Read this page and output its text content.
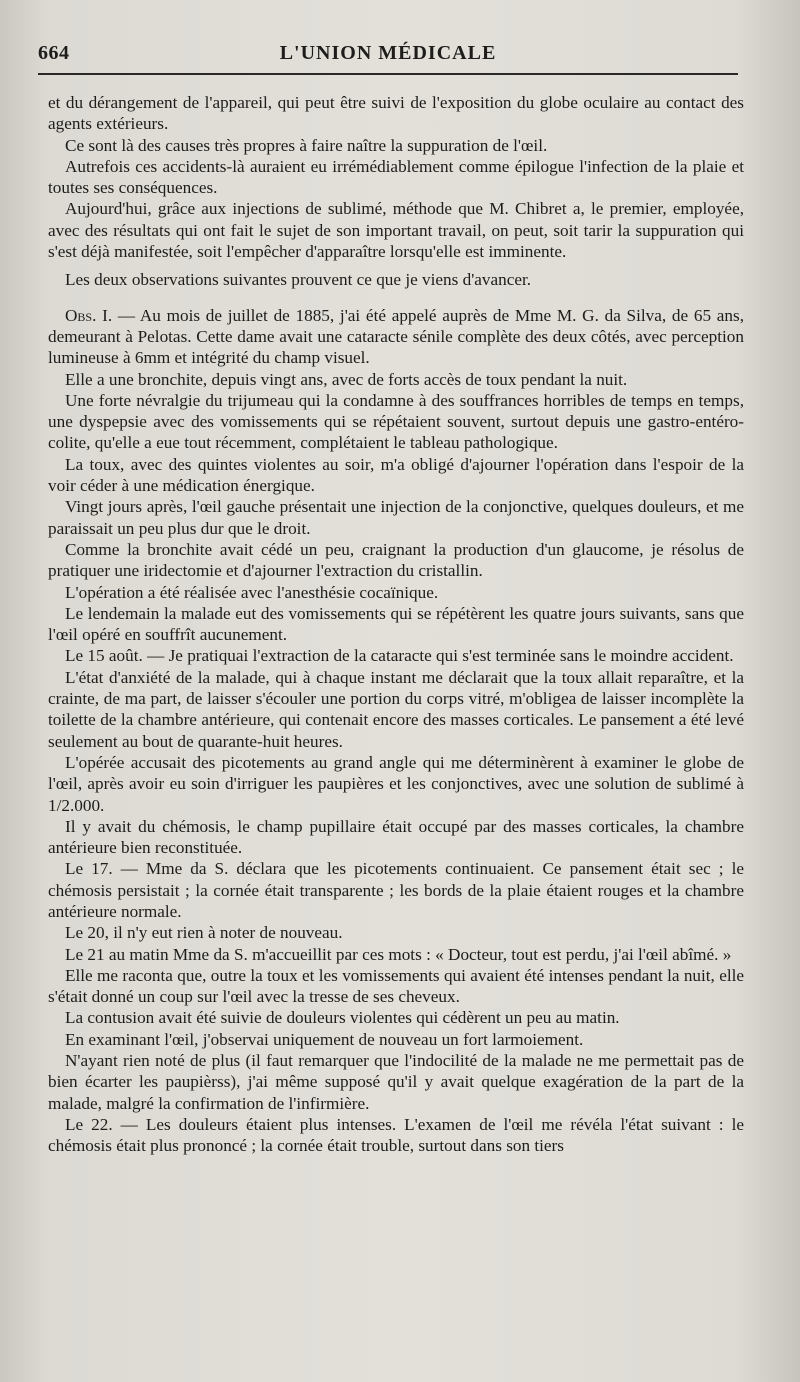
664	L'UNION MÉDICALE

et du dérangement de l'appareil, qui peut être suivi de l'exposition du globe oculaire au contact des agents extérieurs.

Ce sont là des causes très propres à faire naître la suppuration de l'œil.

Autrefois ces accidents-là auraient eu irrémédiablement comme épilogue l'infection de la plaie et toutes ses conséquences.

Aujourd'hui, grâce aux injections de sublimé, méthode que M. Chibret a, le premier, employée, avec des résultats qui ont fait le sujet de son important travail, on peut, soit tarir la suppuration qui s'est déjà manifestée, soit l'empêcher d'apparaître lorsqu'elle est imminente.

Les deux observations suivantes prouvent ce que je viens d'avancer.

Obs. I. — Au mois de juillet de 1885, j'ai été appelé auprès de Mme M. G. da Silva, de 65 ans, demeurant à Pelotas. Cette dame avait une cataracte sénile complète des deux côtés, avec perception lumineuse à 6mm et intégrité du champ visuel.

Elle a une bronchite, depuis vingt ans, avec de forts accès de toux pendant la nuit.

Une forte névralgie du trijumeau qui la condamne à des souffrances horribles de temps en temps, une dyspepsie avec des vomissements qui se répétaient souvent, surtout depuis une gastro-entéro-colite, qu'elle a eue tout récemment, complétaient le tableau pathologique.

La toux, avec des quintes violentes au soir, m'a obligé d'ajourner l'opération dans l'espoir de la voir céder à une médication énergique.

Vingt jours après, l'œil gauche présentait une injection de la conjonctive, quelques douleurs, et me paraissait un peu plus dur que le droit.

Comme la bronchite avait cédé un peu, craignant la production d'un glaucome, je résolus de pratiquer une iridectomie et d'ajourner l'extraction du cristallin.

L'opération a été réalisée avec l'anesthésie cocaïnique.

Le lendemain la malade eut des vomissements qui se répétèrent les quatre jours suivants, sans que l'œil opéré en souffrît aucunement.

Le 15 août. — Je pratiquai l'extraction de la cataracte qui s'est terminée sans le moindre accident.

L'état d'anxiété de la malade, qui à chaque instant me déclarait que la toux allait reparaître, et la crainte, de ma part, de laisser s'écouler une portion du corps vitré, m'obligea de laisser incomplète la toilette de la chambre antérieure, qui contenait encore des masses corticales. Le pansement a été levé seulement au bout de quarante-huit heures.

L'opérée accusait des picotements au grand angle qui me déterminèrent à examiner le globe de l'œil, après avoir eu soin d'irriguer les paupières et les conjonctives, avec une solution de sublimé à 1/2.000.

Il y avait du chémosis, le champ pupillaire était occupé par des masses corticales, la chambre antérieure bien reconstituée.

Le 17. — Mme da S. déclara que les picotements continuaient. Ce pansement était sec ; le chémosis persistait ; la cornée était transparente ; les bords de la plaie étaient rouges et la chambre antérieure normale.

Le 20, il n'y eut rien à noter de nouveau.

Le 21 au matin Mme da S. m'accueillit par ces mots : « Docteur, tout est perdu, j'ai l'œil abîmé. »

Elle me raconta que, outre la toux et les vomissements qui avaient été intenses pendant la nuit, elle s'était donné un coup sur l'œil avec la tresse de ses cheveux.

La contusion avait été suivie de douleurs violentes qui cédèrent un peu au matin.

En examinant l'œil, j'observai uniquement de nouveau un fort larmoiement.

N'ayant rien noté de plus (il faut remarquer que l'indocilité de la malade ne me permettait pas de bien écarter les paupièrss), j'ai même supposé qu'il y avait quelque exagération de la part de la malade, malgré la confirmation de l'infirmière.

Le 22. — Les douleurs étaient plus intenses. L'examen de l'œil me révéla l'état suivant : le chémosis était plus prononcé ; la cornée était trouble, surtout dans son tiers
